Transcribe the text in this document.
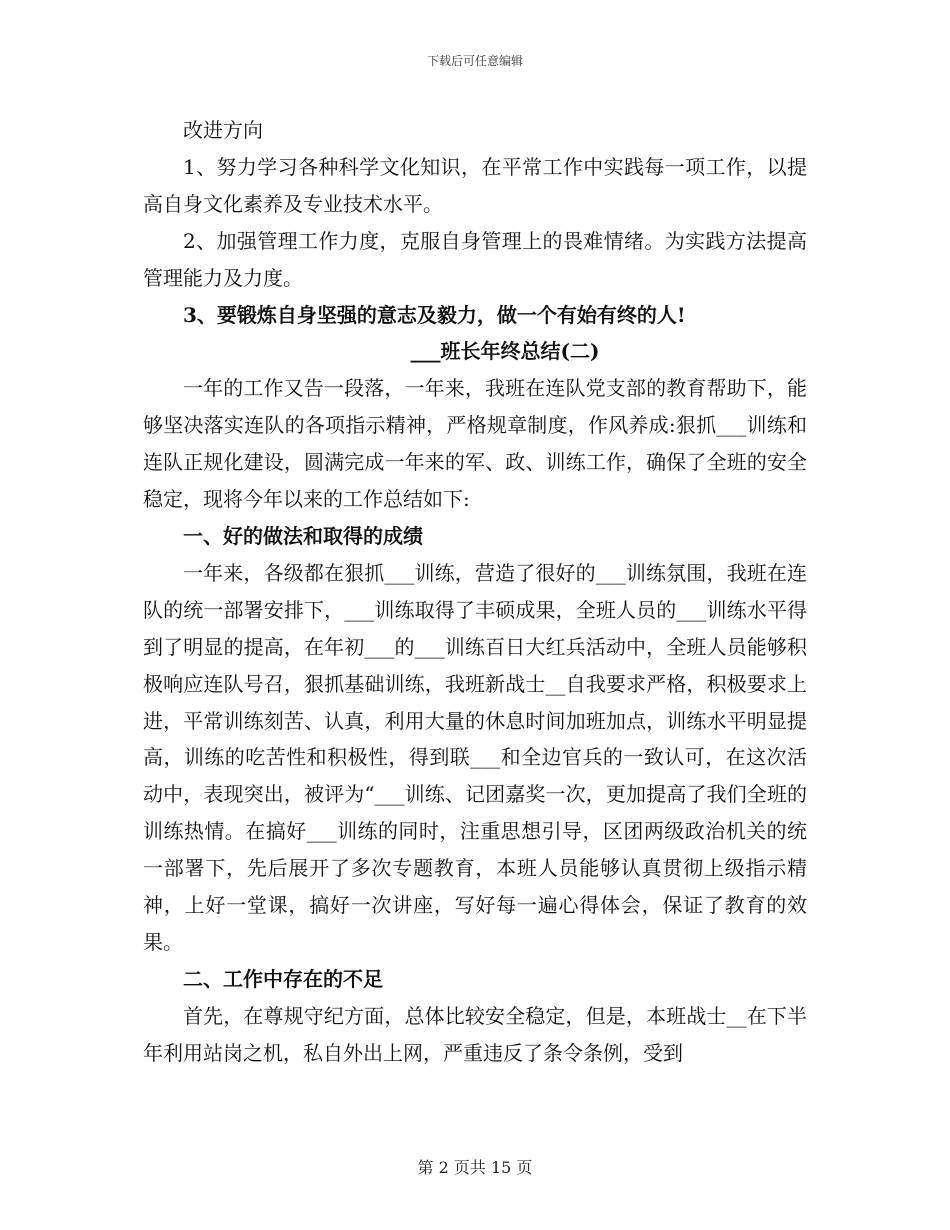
下载后可任意编辑

改进方向

1、努力学习各种科学文化知识，在平常工作中实践每一项工作，以提高自身文化素养及专业技术水平。

2、加强管理工作力度，克服自身管理上的畏难情绪。为实践方法提高管理能力及力度。

3、要锻炼自身坚强的意志及毅力，做一个有始有终的人!

___班长年终总结(二)

一年的工作又告一段落，一年来，我班在连队党支部的教育帮助下，能够坚决落实连队的各项指示精神，严格规章制度，作风养成:狠抓___训练和连队正规化建设，圆满完成一年来的军、政、训练工作，确保了全班的安全稳定，现将今年以来的工作总结如下:

一、好的做法和取得的成绩

一年来，各级都在狠抓___训练，营造了很好的___训练氛围，我班在连队的统一部署安排下，___训练取得了丰硕成果，全班人员的___训练水平得到了明显的提高，在年初___的___训练百日大红兵活动中，全班人员能够积极响应连队号召，狠抓基础训练，我班新战士__自我要求严格，积极要求上进，平常训练刻苦、认真，利用大量的休息时间加班加点，训练水平明显提高，训练的吃苦性和积极性，得到联___和全边官兵的一致认可，在这次活动中，表现突出，被评为“___训练、记团嘉奖一次，更加提高了我们全班的训练热情。在搞好___训练的同时，注重思想引导，区团两级政治机关的统一部署下，先后展开了多次专题教育，本班人员能够认真贯彻上级指示精神，上好一堂课，搞好一次讲座，写好每一遍心得体会，保证了教育的效果。

二、工作中存在的不足

首先，在尊规守纪方面，总体比较安全稳定，但是，本班战士__在下半年利用站岗之机，私自外出上网，严重违反了条令条例，受到

第 2 页共 15 页
